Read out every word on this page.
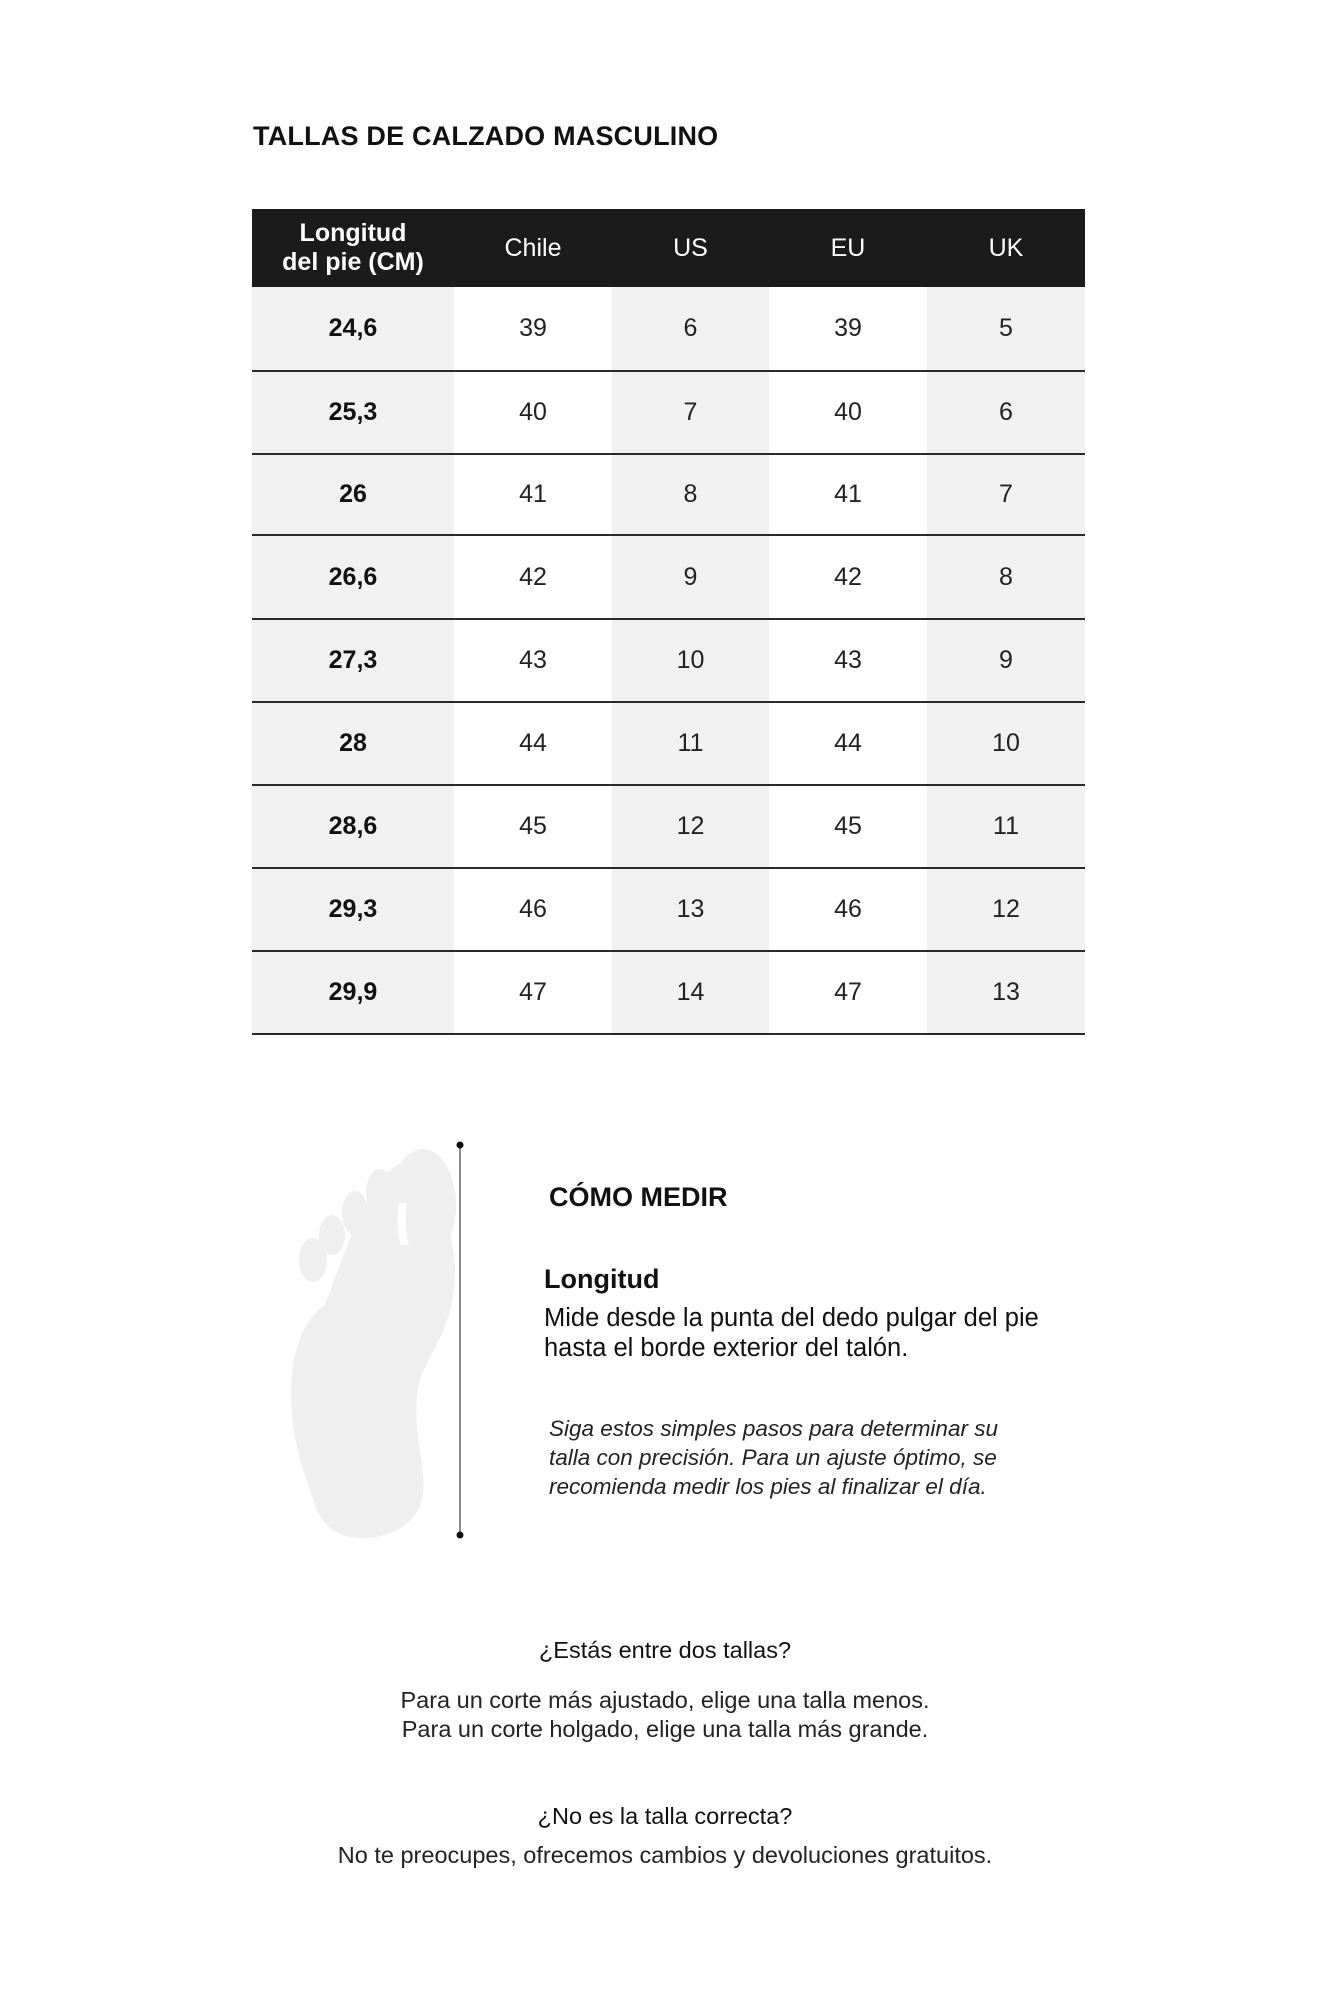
TALLAS DE CALZADO MASCULINO
Longitud
del pie (CM)	Chile	US	EU	UK
24,6	39	6	39	5
25,3	40	7	40	6
26	41	8	41	7
26,6	42	9	42	8
27,3	43	10	43	9
28	44	11	44	10
28,6	45	12	45	11
29,3	46	13	46	12
29,9	47	14	47	13
CÓMO MEDIR
Longitud
Mide desde la punta del dedo pulgar del pie
hasta el borde exterior del talón.
Siga estos simples pasos para determinar su
talla con precisión. Para un ajuste óptimo, se
recomienda medir los pies al finalizar el día.
¿Estás entre dos tallas?
Para un corte más ajustado, elige una talla menos.
Para un corte holgado, elige una talla más grande.
¿No es la talla correcta?
No te preocupes, ofrecemos cambios y devoluciones gratuitos.
